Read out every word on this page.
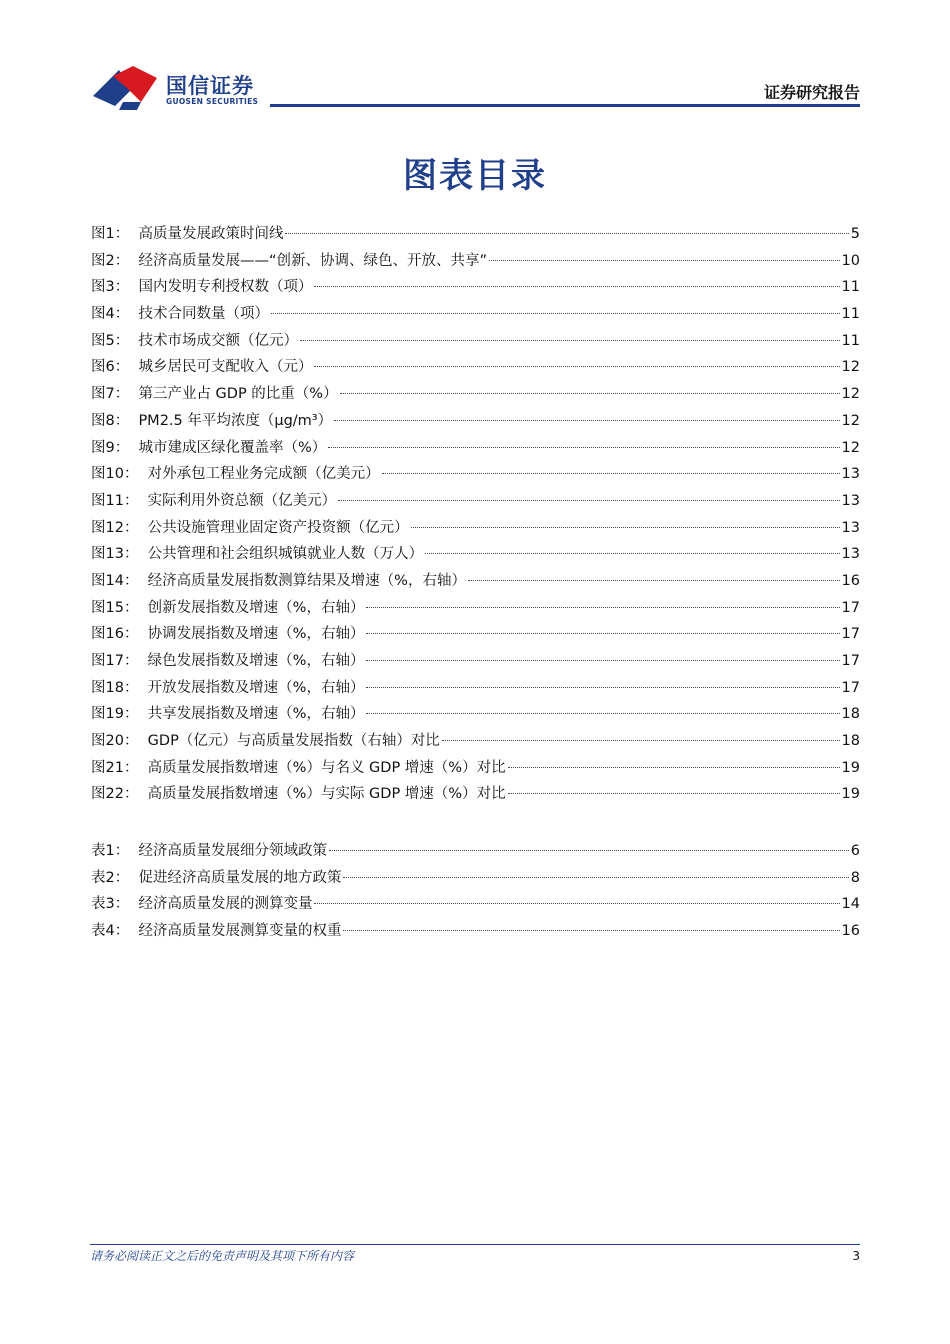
国信证券
GUOSEN SECURITIES	证券研究报告
图表目录
图1：  高质量发展政策时间线	5
图2：  经济高质量发展——“创新、协调、绿色、开放、共享”	10
图3：  国内发明专利授权数（项）	11
图4：  技术合同数量（项）	11
图5：  技术市场成交额（亿元）	11
图6：  城乡居民可支配收入（元）	12
图7：  第三产业占 GDP 的比重（%）	12
图8：  PM2.5 年平均浓度（μg/m³）	12
图9：  城市建成区绿化覆盖率（%）	12
图10：  对外承包工程业务完成额（亿美元）	13
图11：  实际利用外资总额（亿美元）	13
图12：  公共设施管理业固定资产投资额（亿元）	13
图13：  公共管理和社会组织城镇就业人数（万人）	13
图14：  经济高质量发展指数测算结果及增速（%，右轴）	16
图15：  创新发展指数及增速（%，右轴）	17
图16：  协调发展指数及增速（%，右轴）	17
图17：  绿色发展指数及增速（%，右轴）	17
图18：  开放发展指数及增速（%，右轴）	17
图19：  共享发展指数及增速（%，右轴）	18
图20：  GDP（亿元）与高质量发展指数（右轴）对比	18
图21：  高质量发展指数增速（%）与名义 GDP 增速（%）对比	19
图22：  高质量发展指数增速（%）与实际 GDP 增速（%）对比	19
表1：  经济高质量发展细分领域政策	6
表2：  促进经济高质量发展的地方政策	8
表3：  经济高质量发展的测算变量	14
表4：  经济高质量发展测算变量的权重	16
请务必阅读正文之后的免责声明及其项下所有内容	3
